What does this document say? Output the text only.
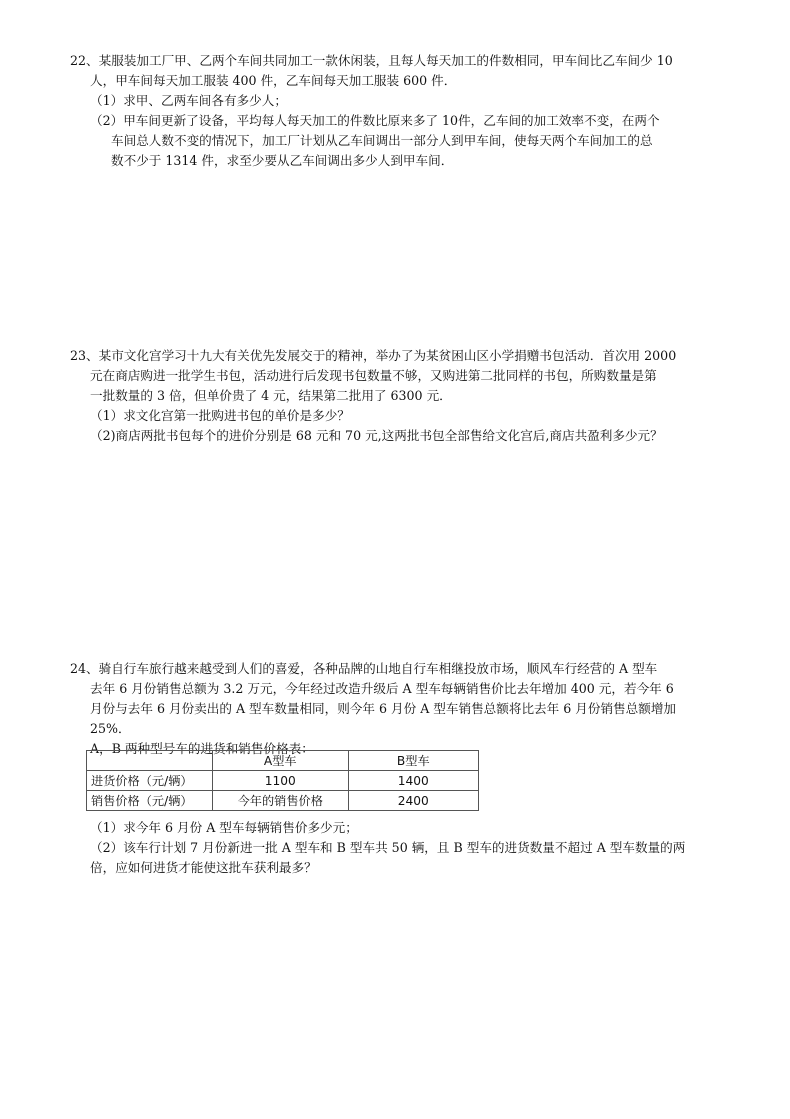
22、某服装加工厂甲、乙两个车间共同加工一款休闲装，且每人每天加工的件数相同，甲车间比乙车间少 10

人，甲车间每天加工服装 400 件，乙车间每天加工服装 600 件．

（1）求甲、乙两车间各有多少人；

（2）甲车间更新了设备，平均每人每天加工的件数比原来多了 10件，乙车间的加工效率不变，在两个

车间总人数不变的情况下，加工厂计划从乙车间调出一部分人到甲车间，使每天两个车间加工的总

数不少于 1314 件，求至少要从乙车间调出多少人到甲车间．

23、某市文化宫学习十九大有关优先发展交于的精神，举办了为某贫困山区小学捐赠书包活动．首次用 2000

元在商店购进一批学生书包，活动进行后发现书包数量不够，又购进第二批同样的书包，所购数量是第

一批数量的 3 倍，但单价贵了 4 元，结果第二批用了 6300 元．

（1）求文化宫第一批购进书包的单价是多少？

（2)商店两批书包每个的进价分别是 68 元和 70 元,这两批书包全部售给文化宫后,商店共盈利多少元？

24、骑自行车旅行越来越受到人们的喜爱，各种品牌的山地自行车相继投放市场，顺风车行经营的 A 型车

去年 6 月份销售总额为 3.2 万元，今年经过改造升级后 A 型车每辆销售价比去年增加 400 元，若今年 6

月份与去年 6 月份卖出的 A 型车数量相同，则今年 6 月份 A 型车销售总额将比去年 6 月份销售总额增加

25%．

A，B 两种型号车的进货和销售价格表：

	A型车	B型车
进货价格（元/辆）	1100	1400
销售价格（元/辆）	今年的销售价格	2400

（1）求今年 6 月份 A 型车每辆销售价多少元；

（2）该车行计划 7 月份新进一批 A 型车和 B 型车共 50 辆，且 B 型车的进货数量不超过 A 型车数量的两

倍，应如何进货才能使这批车获利最多？
